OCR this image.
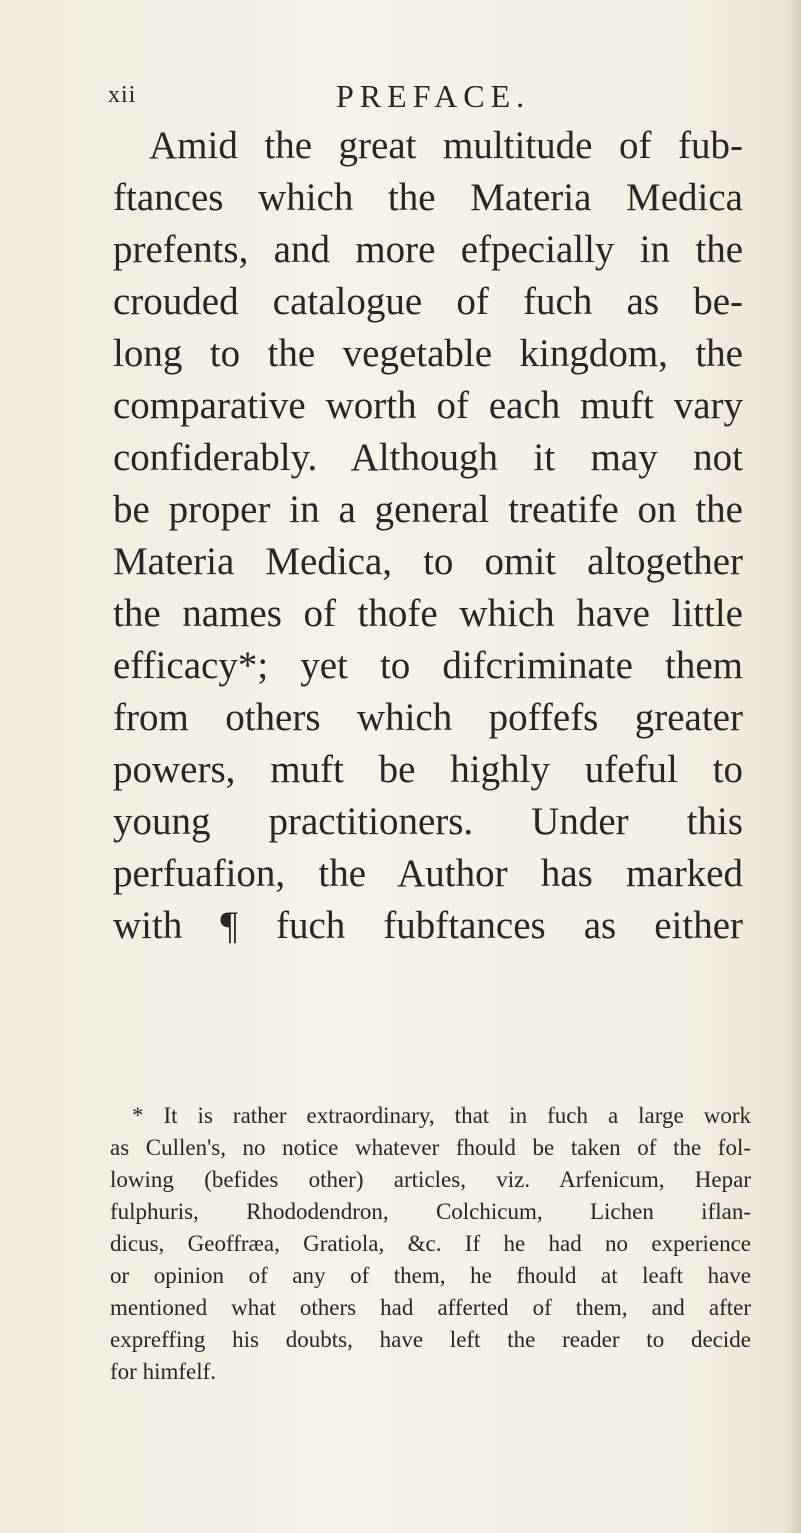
xii	PREFACE.
Amid the great multitude of fub-
ftances which the Materia Medica
prefents, and more efpecially in the
crouded catalogue of fuch as be-
long to the vegetable kingdom, the
comparative worth of each muft vary
confiderably. Although it may not
be proper in a general treatife on the
Materia Medica, to omit altogether
the names of thofe which have little
efficacy*; yet to difcriminate them
from others which poffefs greater
powers, muft be highly ufeful to
young practitioners. Under this
perfuafion, the Author has marked
with ¶ fuch fubftances as either
* It is rather extraordinary, that in fuch a large work
as Cullen's, no notice whatever fhould be taken of the fol-
lowing (befides other) articles, viz. Arfenicum, Hepar
fulphuris, Rhododendron, Colchicum, Lichen iflan-
dicus, Geoffræa, Gratiola, &c. If he had no experience
or opinion of any of them, he fhould at leaft have
mentioned what others had afferted of them, and after
expreffing his doubts, have left the reader to decide
for himfelf.
